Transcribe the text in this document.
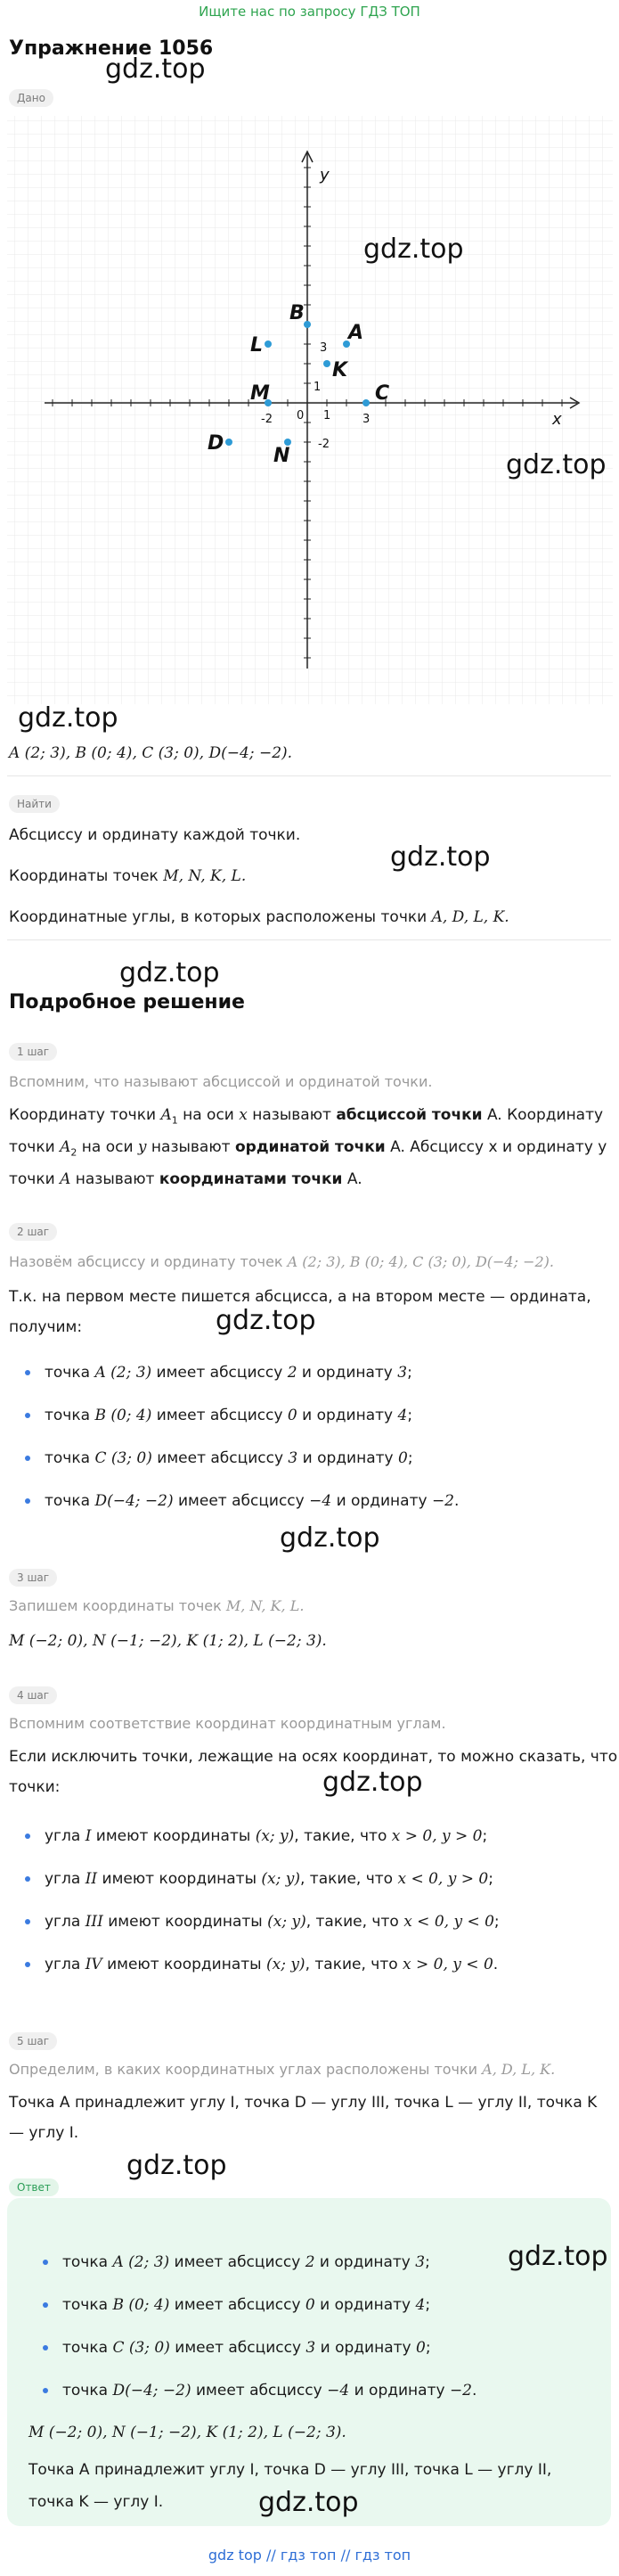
Ищите нас по запросу ГДЗ ТОП
Упражнение 1056
gdz.top
Дано
x
y
0 1	3
-2
1
3
-2
A
B
C
D
K
L
M
N
gdz.top
gdz.top
gdz.top
A (2; 3), B (0; 4), C (3; 0), D(−4; −2).
Найти
Абсциссу и ординату каждой точки.
gdz.top
Координаты точек M, N, K, L.
Координатные углы, в которых расположены точки A, D, L, K.
gdz.top
Подробное решение
1 шаг
Вспомним, что называют абсциссой и ординатой точки.
Координату точки $A_1$ на оси x называют абсциссой точки A. Координату
точки $A_2$ на оси y называют ординатой точки A. Абсциссу x и ординату y
точки A называют координатами точки A.
2 шаг
Назовём абсциссу и ординату точек A (2; 3), B (0; 4), C (3; 0), D(−4; −2).
Т.к. на первом месте пишется абсцисса, а на втором месте — ордината,
получим:	gdz.top
точка A (2; 3) имеет абсциссу 2 и ординату 3;
точка B (0; 4) имеет абсциссу 0 и ординату 4;
точка C (3; 0) имеет абсциссу 3 и ординату 0;
точка D(−4; −2) имеет абсциссу −4 и ординату −2.
gdz.top
3 шаг
Запишем координаты точек M, N, K, L.
M (−2; 0), N (−1; −2), K (1; 2), L (−2; 3).
4 шаг
Вспомним соответствие координат координатным углам.
Если исключить точки, лежащие на осях координат, то можно сказать, что
gdz.top
точки:
угла I имеют координаты (x; y), такие, что x > 0, y > 0;
угла II имеют координаты (x; y), такие, что x < 0, y > 0;
угла III имеют координаты (x; y), такие, что x < 0, y < 0;
угла IV имеют координаты (x; y), такие, что x > 0, y < 0.
5 шаг
Определим, в каких координатных углах расположены точки A, D, L, K.
Точка A принадлежит углу I, точка D — углу III, точка L — углу II, точка K
— углу I.
Ответ
gdz.top
gdz.top
точка A (2; 3) имеет абсциссу 2 и ординату 3;
точка B (0; 4) имеет абсциссу 0 и ординату 4;
точка C (3; 0) имеет абсциссу 3 и ординату 0;
точка D(−4; −2) имеет абсциссу −4 и ординату −2.
M (−2; 0), N (−1; −2), K (1; 2), L (−2; 3).
Точка A принадлежит углу I, точка D — углу III, точка L — углу II,
точка K — углу I.	gdz.top
gdz top // гдз топ // гдз топ
